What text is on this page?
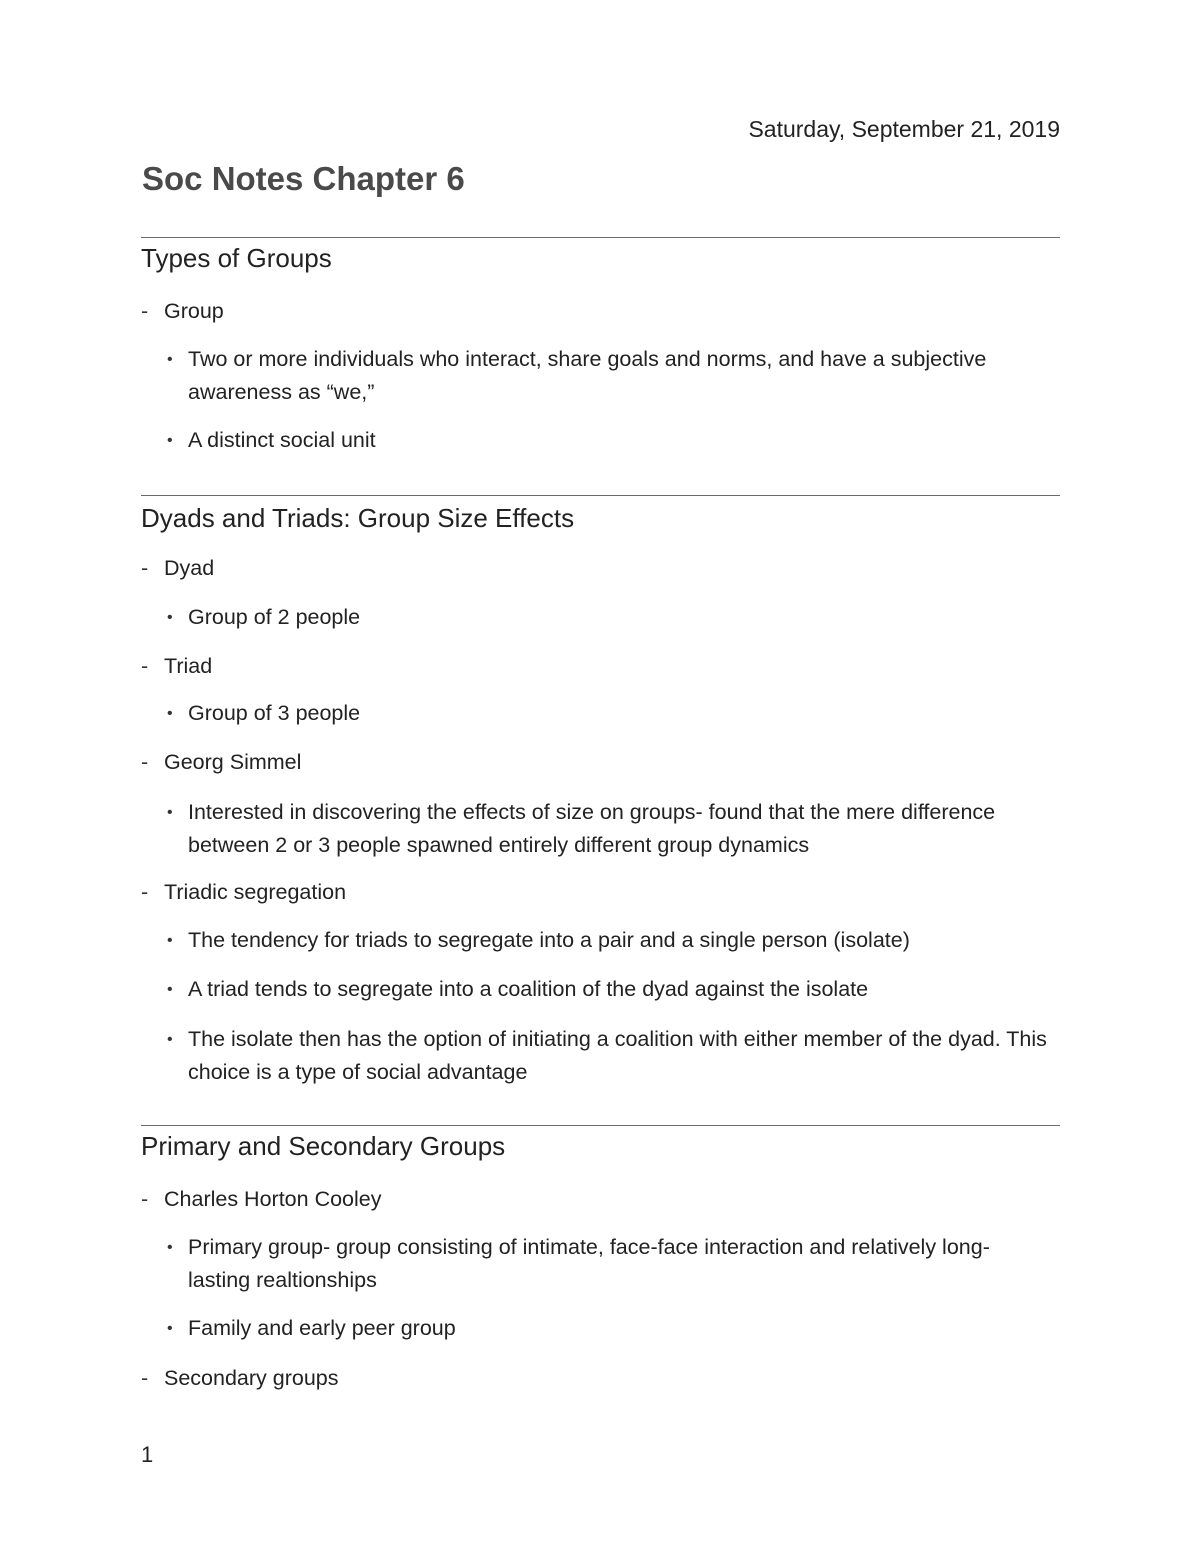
Saturday, September 21, 2019
Soc Notes Chapter 6
Types of Groups
- Group
• Two or more individuals who interact, share goals and norms, and have a subjective awareness as “we,”
• A distinct social unit
Dyads and Triads: Group Size Effects
- Dyad
• Group of 2 people
- Triad
• Group of 3 people
- Georg Simmel
• Interested in discovering the effects of size on groups- found that the mere difference between 2 or 3 people spawned entirely different group dynamics
- Triadic segregation
• The tendency for triads to segregate into a pair and a single person (isolate)
• A triad tends to segregate into a coalition of the dyad against the isolate
• The isolate then has the option of initiating a coalition with either member of the dyad. This choice is a type of social advantage
Primary and Secondary Groups
- Charles Horton Cooley
• Primary group- group consisting of intimate, face-face interaction and relatively long-lasting realtionships
• Family and early peer group
- Secondary groups
1
